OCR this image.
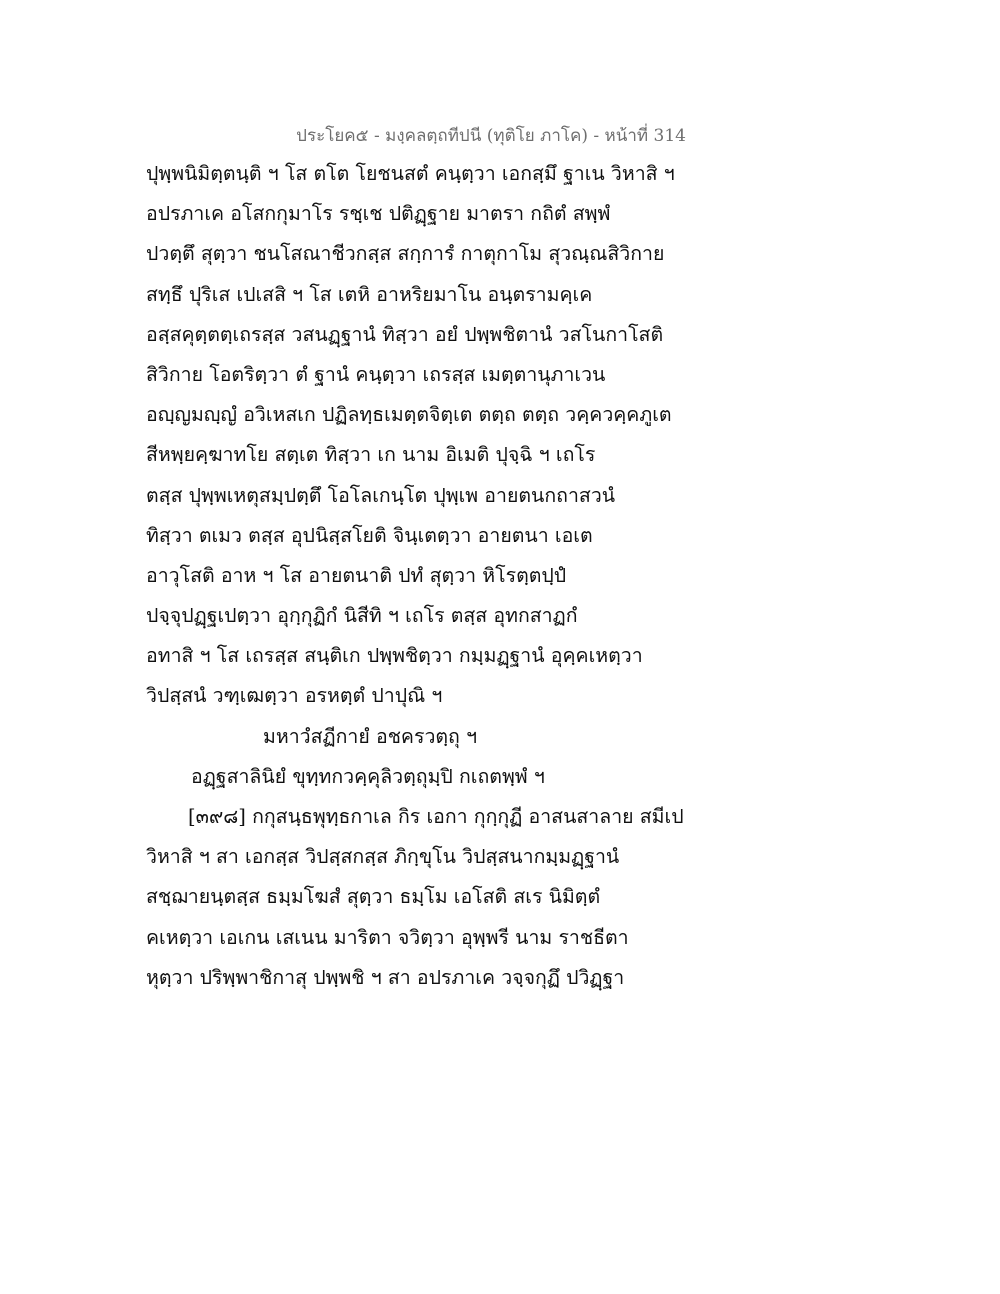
ประโยค๕ - มงฺคลตฺถทีปนี (ทุติโย ภาโค) - หน้าที่ 314
ปุพฺพนิมิตฺตนฺติ ฯ โส ตโต โยชนสตํ คนฺตฺวา เอกสฺมึ ฐาเน วิหาสิ ฯ
อปรภาเค อโสกกุมาโร รชฺเช ปติฏฺฐาย มาตรา กถิตํ สพฺพํ
ปวตฺตึ สุตฺวา ชนโสณาชีวกสฺส สกฺการํ กาตุกาโม สุวณฺณสิวิกาย
สทฺธึ ปุริเส เปเสสิ ฯ โส เตหิ อาหริยมาโน อนฺตรามคฺเค
อสฺสคุตฺตตฺเถรสฺส วสนฏฺฐานํ ทิสฺวา อยํ ปพฺพชิตานํ วสโนกาโสติ
สิวิกาย โอตริตฺวา ตํ ฐานํ คนฺตฺวา เถรสฺส เมตฺตานุภาเวน
อญฺญมญฺญํ อวิเหสเก ปฏิลทฺธเมตฺตจิตฺเต ตตฺถ ตตฺถ วคฺควคฺคภูเต
สีหพฺยคฺฆาทโย สตฺเต ทิสฺวา เก นาม อิเมติ ปุจฺฉิ ฯ เถโร
ตสฺส ปุพฺพเหตุสมฺปตฺตึ โอโลเกนฺโต ปุพฺเพ อายตนกถาสวนํ
ทิสฺวา ตเมว ตสฺส อุปนิสฺสโยติ จินฺเตตฺวา อายตนา เอเต
อาวุโสติ อาห ฯ โส อายตนาติ ปทํ สุตฺวา หิโรตฺตปฺปํ
ปจฺจุปฏฺฐเปตฺวา อุกฺกุฏิกํ นิสีทิ ฯ เถโร ตสฺส อุทกสาฏกํ
อทาสิ ฯ โส เถรสฺส สนฺติเก ปพฺพชิตฺวา กมฺมฏฺฐานํ อุคฺคเหตฺวา
วิปสฺสนํ วฑฺเฒตฺวา อรหตฺตํ ปาปุณิ ฯ
มหาวํสฏีกายํ อชครวตฺถุ ฯ
อฏฺฐสาลินิยํ ขุทฺทกวคฺคุลิวตฺถุมฺปิ กเถตพฺพํ ฯ
[๓๙๘] กกุสนฺธพุทฺธกาเล กิร เอกา กุกฺกุฏี อาสนสาลาย สมีเป
วิหาสิ ฯ สา เอกสฺส วิปสฺสกสฺส ภิกฺขุโน วิปสฺสนากมฺมฏฺฐานํ
สชฺฌายนฺตสฺส ธมฺมโฆสํ สุตฺวา ธมฺโม เอโสติ สเร นิมิตฺตํ
คเหตฺวา เอเกน เสเนน มาริตา จวิตฺวา อุพฺพรี นาม ราชธีตา
หุตฺวา ปริพฺพาชิกาสุ ปพฺพชิ ฯ สา อปรภาเค วจฺจกุฏึ ปวิฏฺฐา
